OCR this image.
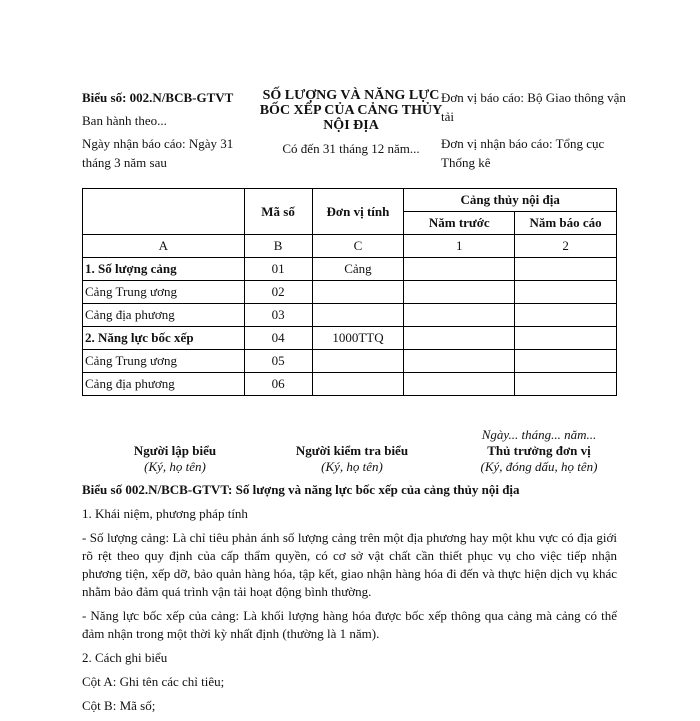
Biểu số: 002.N/BCB-GTVT
Ban hành theo...
Ngày nhận báo cáo: Ngày 31 tháng 3 năm sau
SỐ LƯỢNG VÀ NĂNG LỰC
BỐC XẾP CỦA CẢNG THỦY
NỘI ĐỊA
Có đến 31 tháng 12 năm...
Đơn vị báo cáo: Bộ Giao thông vận tải
Đơn vị nhận báo cáo: Tổng cục Thống kê
	Mã số	Đơn vị tính	Cảng thủy nội địa	
			Năm trước	Năm báo cáo
A	B	C	1	2
1. Số lượng cảng	01	Cảng		
Cảng Trung ương	02			
Cảng địa phương	03			
2. Năng lực bốc xếp	04	1000TTQ		
Cảng Trung ương	05			
Cảng địa phương	06			
Người lập biểu
(Ký, họ tên)
Người kiểm tra biểu
(Ký, họ tên)
Ngày... tháng... năm...
Thủ trưởng đơn vị
(Ký, đóng dấu, họ tên)

Biểu số 002.N/BCB-GTVT: Số lượng và năng lực bốc xếp của cảng thủy nội địa

1. Khái niệm, phương pháp tính

- Số lượng cảng: Là chỉ tiêu phản ánh số lượng cảng trên một địa phương hay một khu vực có địa giới rõ rệt theo quy định của cấp thẩm quyền, có cơ sở vật chất cần thiết phục vụ cho việc tiếp nhận phương tiện, xếp dỡ, bảo quản hàng hóa, tập kết, giao nhận hàng hóa đi đến và thực hiện dịch vụ khác nhằm bảo đảm quá trình vận tải hoạt động bình thường.

- Năng lực bốc xếp của cảng: Là khối lượng hàng hóa được bốc xếp thông qua cảng mà cảng có thể đảm nhận trong một thời kỳ nhất định (thường là 1 năm).

2. Cách ghi biểu

Cột A: Ghi tên các chỉ tiêu;

Cột B: Mã số;
